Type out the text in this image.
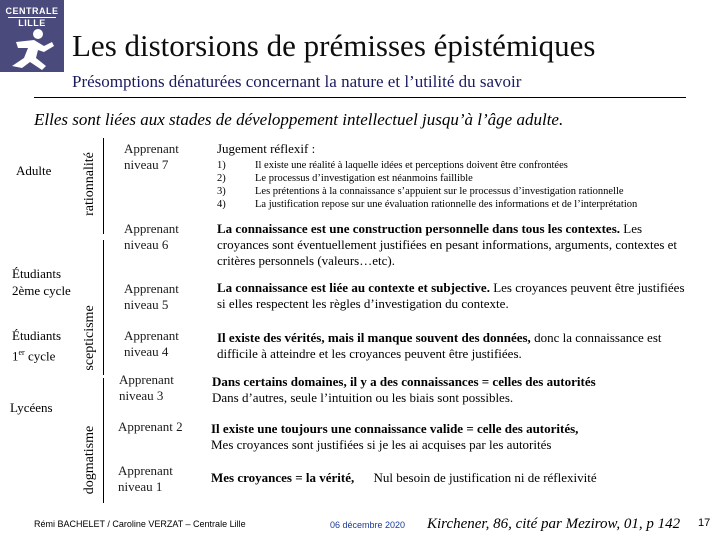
CENTRALE
LILLE
Les distorsions de prémisses épistémiques
Présomptions dénaturées concernant la nature et l’utilité du savoir
Elles sont liées aux stades de développement intellectuel jusqu’à l’âge adulte.
Adulte
Étudiants 2ème cycle
Étudiants
1er cycle
Lycéens
rationnalité
scepticisme
dogmatisme
Apprenant niveau 7
Jugement réflexif :
1)	Il existe une réalité à laquelle idées et perceptions doivent être confrontées
2)	Le processus d’investigation est néanmoins faillible
3)	Les prétentions à la connaissance s’appuient sur le processus d’investigation rationnelle
4)	La justification repose sur une évaluation rationnelle des informations et de l’interprétation
Apprenant niveau 6
La connaissance est une construction personnelle dans tous les contextes. Les croyances sont éventuellement justifiées en pesant informations, arguments, contextes et critères personnels (valeurs…etc).
Apprenant niveau 5
La connaissance est liée au contexte et subjective. Les croyances peuvent être justifiées si elles respectent les règles d’investigation du contexte.
Apprenant niveau 4
Il existe des vérités, mais il manque souvent des données, donc la connaissance est difficile à atteindre et les croyances peuvent être justifiées.
Apprenant niveau 3
Dans certains domaines, il y a des connaissances = celles des autorités
Dans d’autres, seule l’intuition ou les biais sont possibles.
Apprenant 2	Il existe une toujours une connaissance valide = celle des autorités,
Mes croyances sont justifiées si je les ai acquises par les autorités
Apprenant niveau 1
Mes croyances = la vérité, Nul besoin de justification ni de réflexivité
Rémi BACHELET / Caroline VERZAT – Centrale Lille	06 décembre 2020 Kirchener, 86, cité par Mezirow, 01, p 142 17
